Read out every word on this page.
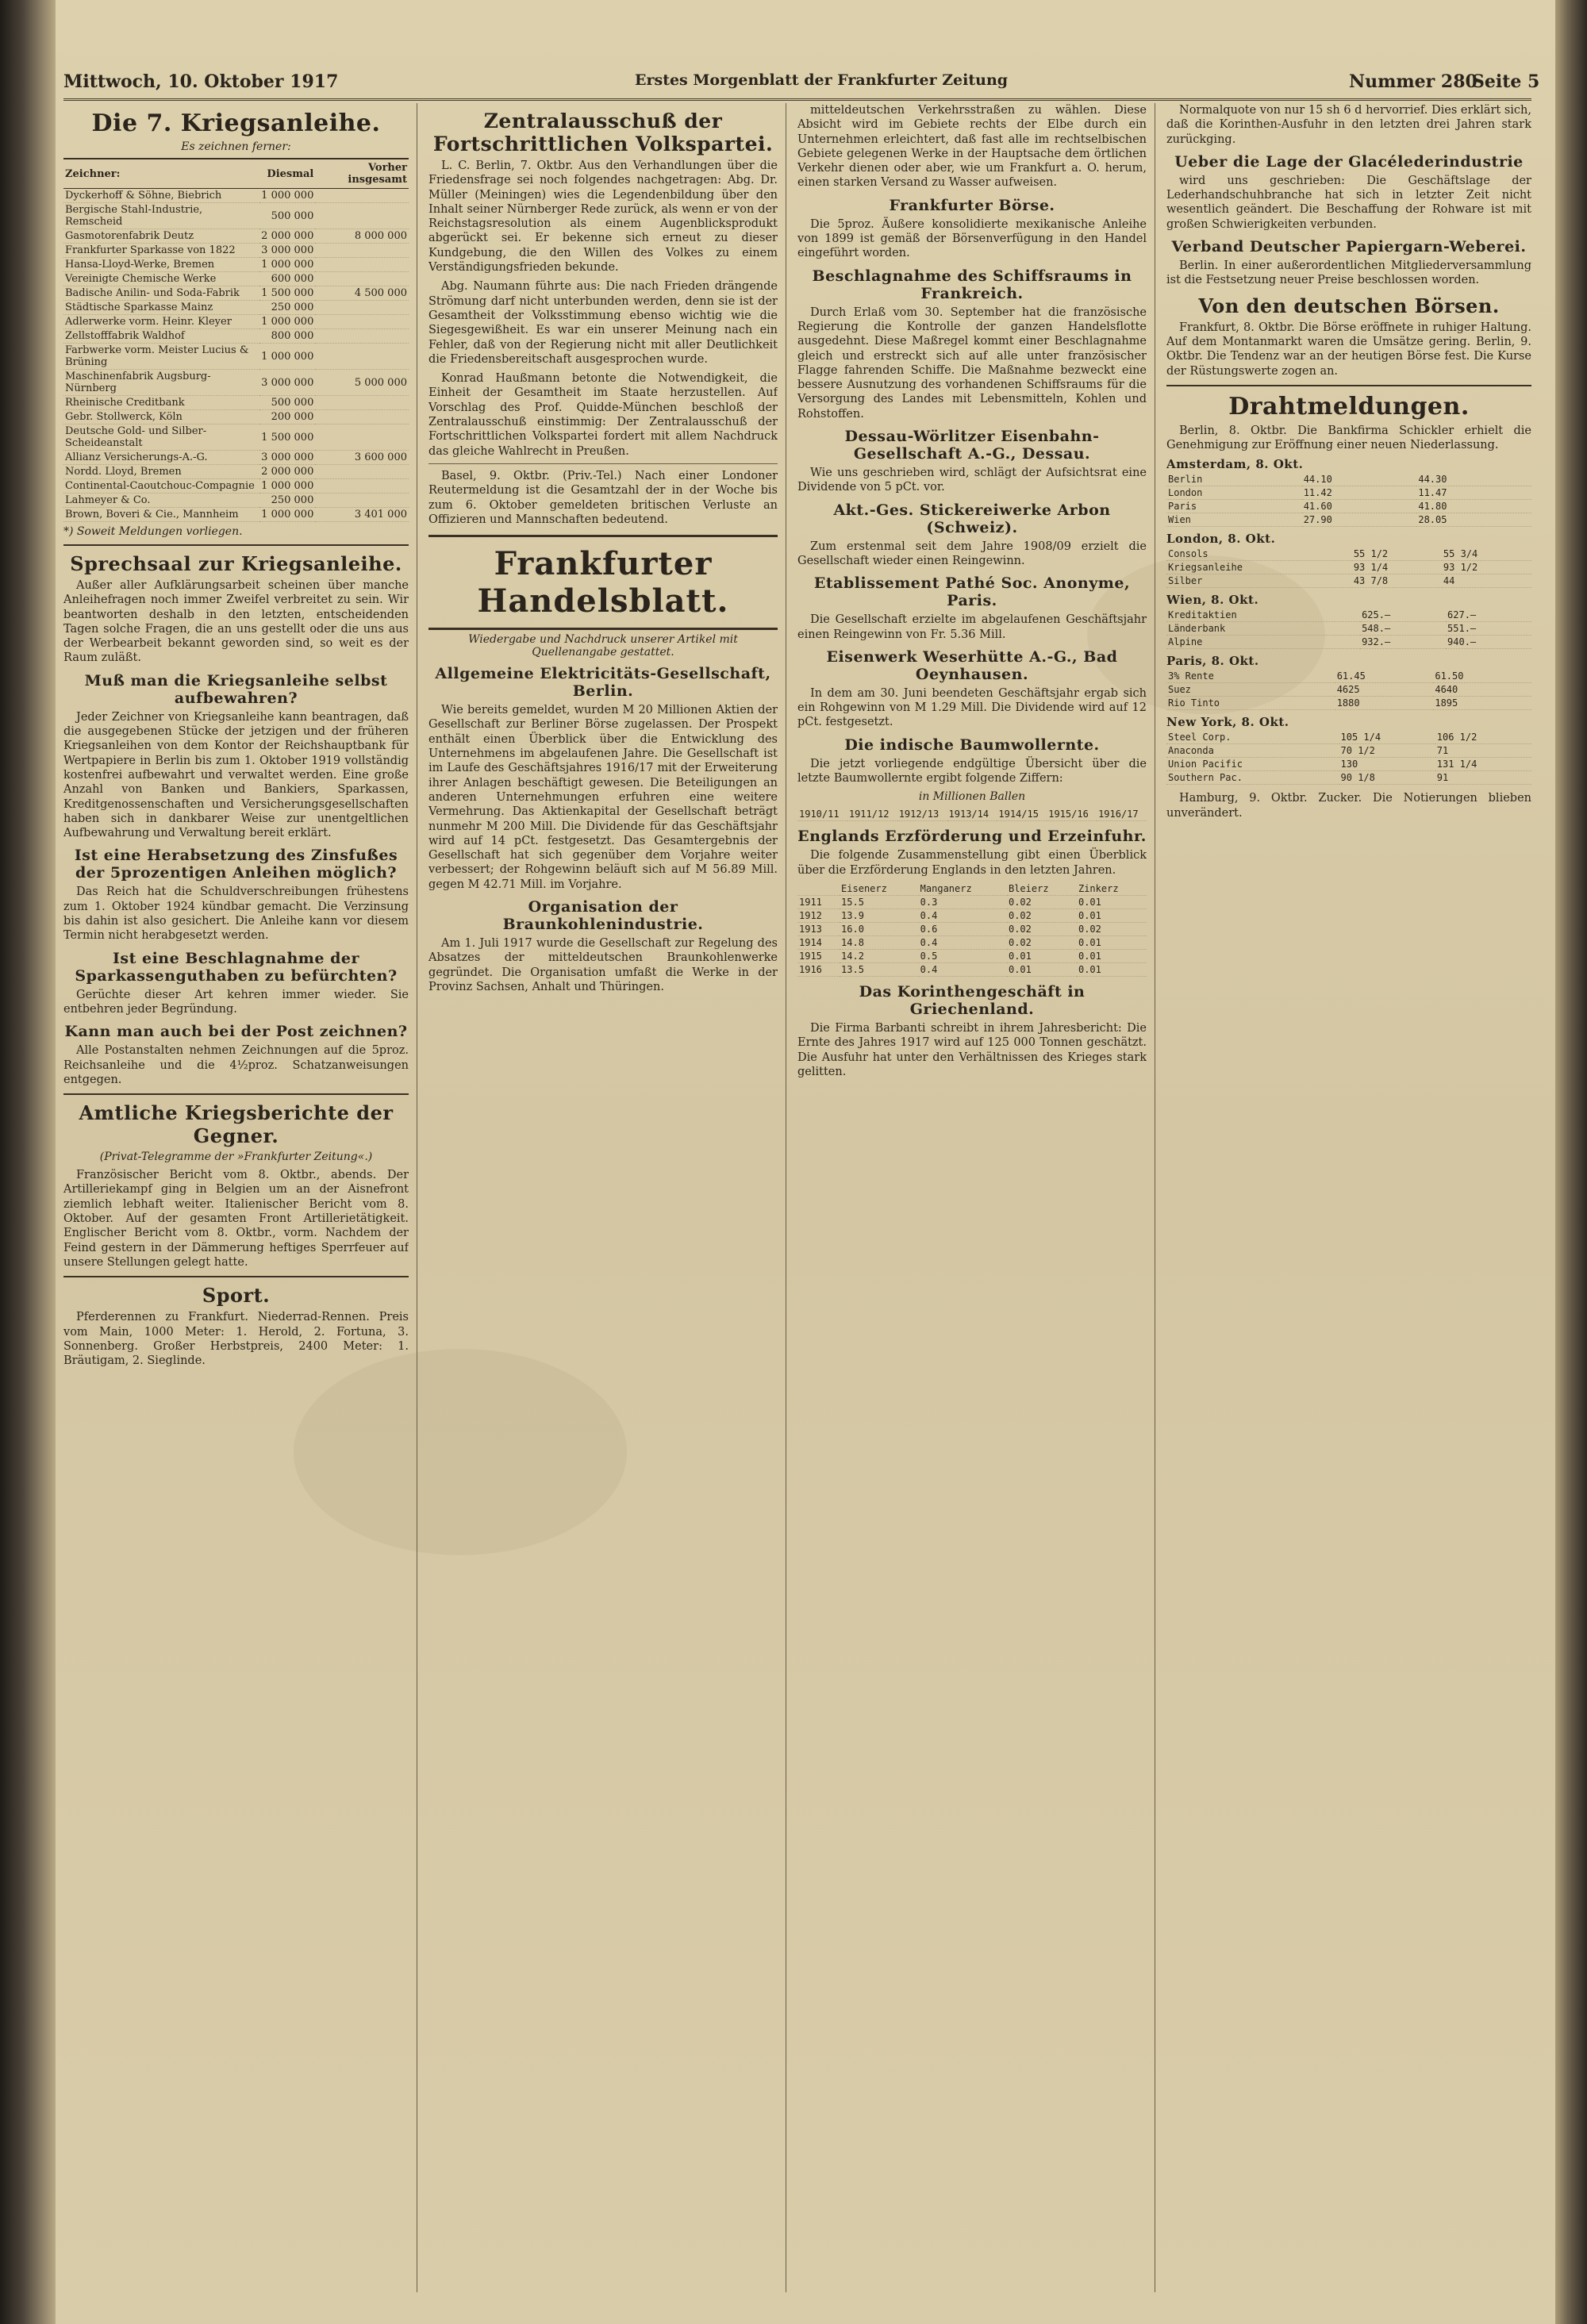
Mittwoch, 10. Oktober 1917	Erstes Morgenblatt der Frankfurter Zeitung	Nummer 280
Seite 5
Die 7. Kriegsanleihe.
Es zeichnen ferner:
Zeichner:	Diesmal	Vorher insgesamt
Dyckerhoff & Söhne, Biebrich	1 000 000	
Bergische Stahl-Industrie, Remscheid	500 000	
Gasmotorenfabrik Deutz	2 000 000	8 000 000
Frankfurter Sparkasse von 1822	3 000 000	
Hansa-Lloyd-Werke, Bremen	1 000 000	
Vereinigte Chemische Werke	600 000	
Badische Anilin- und Soda-Fabrik	1 500 000	4 500 000
Städtische Sparkasse Mainz	250 000	
Adlerwerke vorm. Heinr. Kleyer	1 000 000	
Zellstofffabrik Waldhof	800 000	
Farbwerke vorm. Meister Lucius & Brüning	1 000 000	
Maschinenfabrik Augsburg-Nürnberg	3 000 000	5 000 000
Rheinische Creditbank	500 000	
Gebr. Stollwerck, Köln	200 000	
Deutsche Gold- und Silber-Scheideanstalt	1 500 000	
Allianz Versicherungs-A.-G.	3 000 000	3 600 000
Nordd. Lloyd, Bremen	2 000 000	
Continental-Caoutchouc-Compagnie	1 000 000	
Lahmeyer & Co.	250 000	
Brown, Boveri & Cie., Mannheim	1 000 000	3 401 000
*) Soweit Meldungen vorliegen.
Sprechsaal zur Kriegsanleihe.

Außer aller Aufklärungsarbeit scheinen über manche Anleihefragen noch immer Zweifel verbreitet zu sein. Wir beantworten deshalb in den letzten, entscheidenden Tagen solche Fragen, die an uns gestellt oder die uns aus der Werbearbeit bekannt geworden sind, so weit es der Raum zuläßt.

Muß man die Kriegsanleihe selbst aufbewahren?

Jeder Zeichner von Kriegsanleihe kann beantragen, daß die ausgegebenen Stücke der jetzigen und der früheren Kriegsanleihen von dem Kontor der Reichshauptbank für Wertpapiere in Berlin bis zum 1. Oktober 1919 vollständig kostenfrei aufbewahrt und verwaltet werden. Eine große Anzahl von Banken und Bankiers, Sparkassen, Kreditgenossenschaften und Versicherungsgesellschaften haben sich in dankbarer Weise zur unentgeltlichen Aufbewahrung und Verwaltung bereit erklärt.

Ist eine Herabsetzung des Zinsfußes der 5prozentigen Anleihen möglich?

Das Reich hat die Schuldverschreibungen frühestens zum 1. Oktober 1924 kündbar gemacht. Die Verzinsung bis dahin ist also gesichert. Die Anleihe kann vor diesem Termin nicht herabgesetzt werden.

Ist eine Beschlagnahme der Sparkassenguthaben zu befürchten?

Gerüchte dieser Art kehren immer wieder. Sie entbehren jeder Begründung.

Kann man auch bei der Post zeichnen?

Alle Postanstalten nehmen Zeichnungen auf die 5proz. Reichsanleihe und die 4½proz. Schatzanweisungen entgegen.

Amtliche Kriegsberichte der Gegner.
(Privat-Telegramme der »Frankfurter Zeitung«.)

Französischer Bericht vom 8. Oktbr., abends. Der Artilleriekampf ging in Belgien um an der Aisnefront ziemlich lebhaft weiter. Italienischer Bericht vom 8. Oktober. Auf der gesamten Front Artillerietätigkeit. Englischer Bericht vom 8. Oktbr., vorm. Nachdem der Feind gestern in der Dämmerung heftiges Sperrfeuer auf unsere Stellungen gelegt hatte.

Sport.

Pferderennen zu Frankfurt. Niederrad-Rennen. Preis vom Main, 1000 Meter: 1. Herold, 2. Fortuna, 3. Sonnenberg. Großer Herbstpreis, 2400 Meter: 1. Bräutigam, 2. Sieglinde.

Zentralausschuß der Fortschrittlichen Volkspartei.

L. C. Berlin, 7. Oktbr. Aus den Verhandlungen über die Friedensfrage sei noch folgendes nachgetragen: Abg. Dr. Müller (Meiningen) wies die Legendenbildung über den Inhalt seiner Nürnberger Rede zurück, als wenn er von der Reichstagsresolution als einem Augenblicksprodukt abgerückt sei. Er bekenne sich erneut zu dieser Kundgebung, die den Willen des Volkes zu einem Verständigungsfrieden bekunde.

Abg. Naumann führte aus: Die nach Frieden drängende Strömung darf nicht unterbunden werden, denn sie ist der Gesamtheit der Volksstimmung ebenso wichtig wie die Siegesgewißheit. Es war ein unserer Meinung nach ein Fehler, daß von der Regierung nicht mit aller Deutlichkeit die Friedensbereitschaft ausgesprochen wurde.

Konrad Haußmann betonte die Notwendigkeit, die Einheit der Gesamtheit im Staate herzustellen. Auf Vorschlag des Prof. Quidde-München beschloß der Zentralausschuß einstimmig: Der Zentralausschuß der Fortschrittlichen Volkspartei fordert mit allem Nachdruck das gleiche Wahlrecht in Preußen.

Basel, 9. Oktbr. (Priv.-Tel.) Nach einer Londoner Reutermeldung ist die Gesamtzahl der in der Woche bis zum 6. Oktober gemeldeten britischen Verluste an Offizieren und Mannschaften bedeutend.

Frankfurter Handelsblatt.
Wiedergabe und Nachdruck unserer Artikel mit Quellenangabe gestattet.
Allgemeine Elektricitäts-Gesellschaft, Berlin.

Wie bereits gemeldet, wurden M 20 Millionen Aktien der Gesellschaft zur Berliner Börse zugelassen. Der Prospekt enthält einen Überblick über die Entwicklung des Unternehmens im abgelaufenen Jahre. Die Gesellschaft ist im Laufe des Geschäftsjahres 1916/17 mit der Erweiterung ihrer Anlagen beschäftigt gewesen. Die Beteiligungen an anderen Unternehmungen erfuhren eine weitere Vermehrung. Das Aktienkapital der Gesellschaft beträgt nunmehr M 200 Mill. Die Dividende für das Geschäftsjahr wird auf 14 pCt. festgesetzt. Das Gesamtergebnis der Gesellschaft hat sich gegenüber dem Vorjahre weiter verbessert; der Rohgewinn beläuft sich auf M 56.89 Mill. gegen M 42.71 Mill. im Vorjahre.

Organisation der Braunkohlenindustrie.

Am 1. Juli 1917 wurde die Gesellschaft zur Regelung des Absatzes der mitteldeutschen Braunkohlenwerke gegründet. Die Organisation umfaßt die Werke in der Provinz Sachsen, Anhalt und Thüringen.

mitteldeutschen Verkehrsstraßen zu wählen. Diese Absicht wird im Gebiete rechts der Elbe durch ein Unternehmen erleichtert, daß fast alle im rechtselbischen Gebiete gelegenen Werke in der Hauptsache dem örtlichen Verkehr dienen oder aber, wie um Frankfurt a. O. herum, einen starken Versand zu Wasser aufweisen.

Frankfurter Börse.

Die 5proz. Äußere konsolidierte mexikanische Anleihe von 1899 ist gemäß der Börsenverfügung in den Handel eingeführt worden.

Beschlagnahme des Schiffsraums in Frankreich.

Durch Erlaß vom 30. September hat die französische Regierung die Kontrolle der ganzen Handelsflotte ausgedehnt. Diese Maßregel kommt einer Beschlagnahme gleich und erstreckt sich auf alle unter französischer Flagge fahrenden Schiffe. Die Maßnahme bezweckt eine bessere Ausnutzung des vorhandenen Schiffsraums für die Versorgung des Landes mit Lebensmitteln, Kohlen und Rohstoffen.

Dessau-Wörlitzer Eisenbahn-Gesellschaft A.-G., Dessau.

Wie uns geschrieben wird, schlägt der Aufsichtsrat eine Dividende von 5 pCt. vor.

Akt.-Ges. Stickereiwerke Arbon (Schweiz).

Zum erstenmal seit dem Jahre 1908/09 erzielt die Gesellschaft wieder einen Reingewinn.

Etablissement Pathé Soc. Anonyme, Paris.

Die Gesellschaft erzielte im abgelaufenen Geschäftsjahr einen Reingewinn von Fr. 5.36 Mill.

Eisenwerk Weserhütte A.-G., Bad Oeynhausen.

In dem am 30. Juni beendeten Geschäftsjahr ergab sich ein Rohgewinn von M 1.29 Mill. Die Dividende wird auf 12 pCt. festgesetzt.

Die indische Baumwollernte.

Die jetzt vorliegende endgültige Übersicht über die letzte Baumwollernte ergibt folgende Ziffern:

in Millionen Ballen
1910/11	1911/12	1912/13	1913/14	1914/15	1915/16	1916/17
Englands Erzförderung und Erzeinfuhr.

Die folgende Zusammenstellung gibt einen Überblick über die Erzförderung Englands in den letzten Jahren.

	Eisenerz	Manganerz	Bleierz	Zinkerz
1911	15.5	0.3	0.02	0.01
1912	13.9	0.4	0.02	0.01
1913	16.0	0.6	0.02	0.02
1914	14.8	0.4	0.02	0.01
1915	14.2	0.5	0.01	0.01
1916	13.5	0.4	0.01	0.01
Das Korinthengeschäft in Griechenland.

Die Firma Barbanti schreibt in ihrem Jahresbericht: Die Ernte des Jahres 1917 wird auf 125 000 Tonnen geschätzt. Die Ausfuhr hat unter den Verhältnissen des Krieges stark gelitten.

Normalquote von nur 15 sh 6 d hervorrief. Dies erklärt sich, daß die Korinthen-Ausfuhr in den letzten drei Jahren stark zurückging.

Ueber die Lage der Glacélederindustrie

wird uns geschrieben: Die Geschäftslage der Lederhandschuhbranche hat sich in letzter Zeit nicht wesentlich geändert. Die Beschaffung der Rohware ist mit großen Schwierigkeiten verbunden.

Verband Deutscher Papiergarn-Weberei.

Berlin. In einer außerordentlichen Mitgliederversammlung ist die Festsetzung neuer Preise beschlossen worden.

Von den deutschen Börsen.

Frankfurt, 8. Oktbr. Die Börse eröffnete in ruhiger Haltung. Auf dem Montanmarkt waren die Umsätze gering. Berlin, 9. Oktbr. Die Tendenz war an der heutigen Börse fest. Die Kurse der Rüstungswerte zogen an.

Drahtmeldungen.

Berlin, 8. Oktbr. Die Bankfirma Schickler erhielt die Genehmigung zur Eröffnung einer neuen Niederlassung.

Amsterdam, 8. Okt.
Berlin	44.10	44.30
London	11.42	11.47
Paris	41.60	41.80
Wien	27.90	28.05
London, 8. Okt.
Consols	55 1/2	55 3/4
Kriegsanleihe	93 1/4	93 1/2
Silber	43 7/8	44
Wien, 8. Okt.
Kreditaktien	625.—	627.—
Länderbank	548.—	551.—
Alpine	932.—	940.—
Paris, 8. Okt.
3% Rente	61.45	61.50
Suez	4625	4640
Rio Tinto	1880	1895
New York, 8. Okt.
Steel Corp.	105 1/4	106 1/2
Anaconda	70 1/2	71
Union Pacific	130	131 1/4
Southern Pac.	90 1/8	91

Hamburg, 9. Oktbr. Zucker. Die Notierungen blieben unverändert.
